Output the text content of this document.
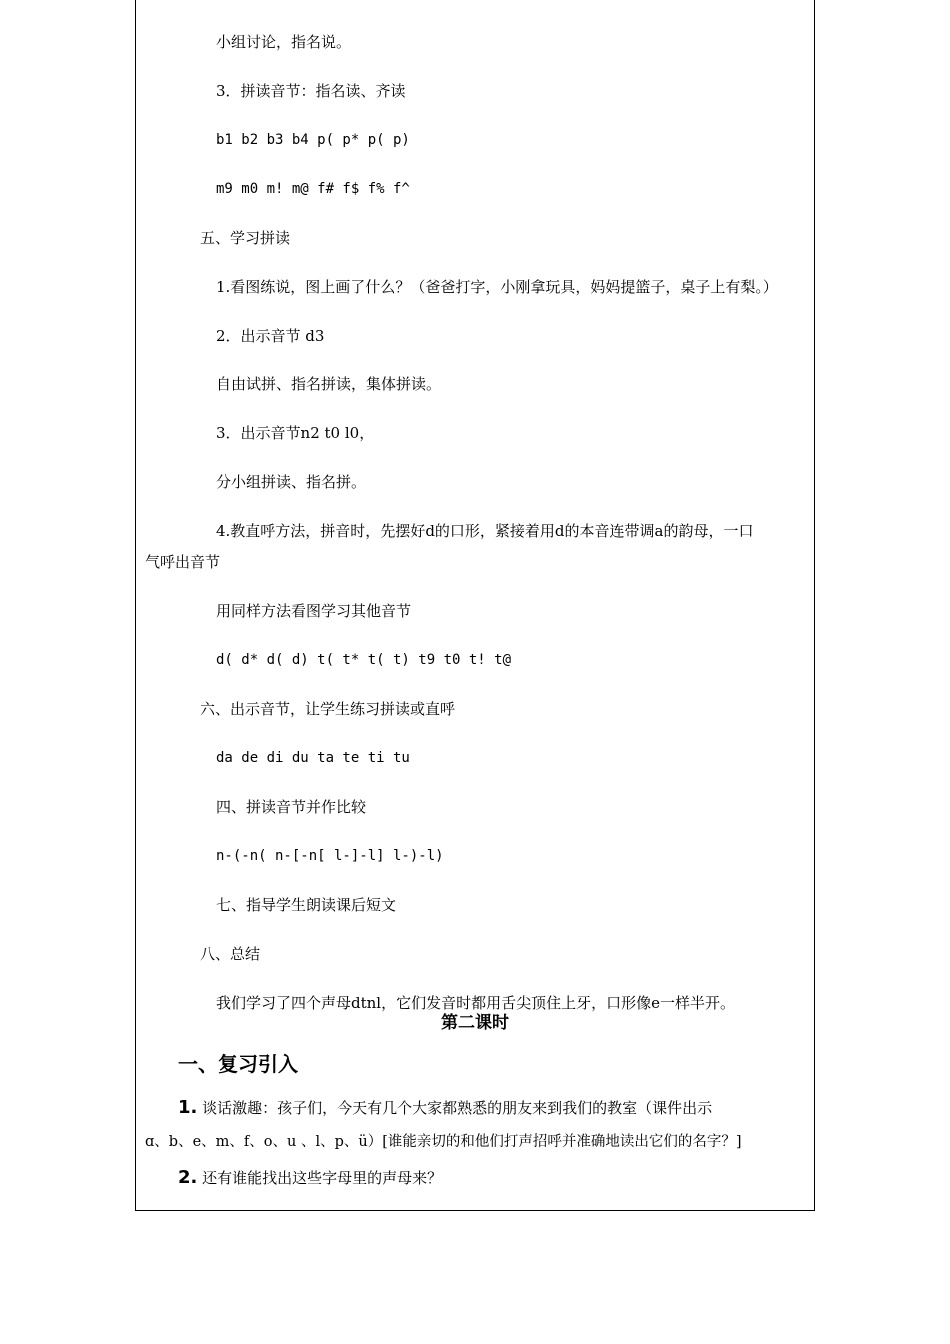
小组讨论，指名说。
3．拼读音节：指名读、齐读
b1 b2 b3 b4 p( p* p( p)
m9 m0 m! m@ f# f$ f% f^
五、学习拼读
1.看图练说，图上画了什么？（爸爸打字，小刚拿玩具，妈妈提篮子，桌子上有梨。）
2．出示音节 d3
自由试拼、指名拼读，集体拼读。
3．出示音节n2 t0 l0，
分小组拼读、指名拼。
4.教直呼方法，拼音时，先摆好d的口形，紧接着用d的本音连带调a的韵母，一口
气呼出音节
用同样方法看图学习其他音节
d( d* d( d) t( t* t( t) t9 t0 t! t@
六、出示音节，让学生练习拼读或直呼
da de di du ta te ti tu
四、拼读音节并作比较
n-(-n( n-[-n[ l-]-l] l-)-l)
七、指导学生朗读课后短文
八、总结
我们学习了四个声母dtnl，它们发音时都用舌尖顶住上牙，口形像e一样半开。
第二课时
一、复习引入
1. 谈话激趣：孩子们，今天有几个大家都熟悉的朋友来到我们的教室（课件出示
ɑ、b、e、m、f、o、u 、l、p、ü）[谁能亲切的和他们打声招呼并准确地读出它们的名字？]
2. 还有谁能找出这些字母里的声母来？
